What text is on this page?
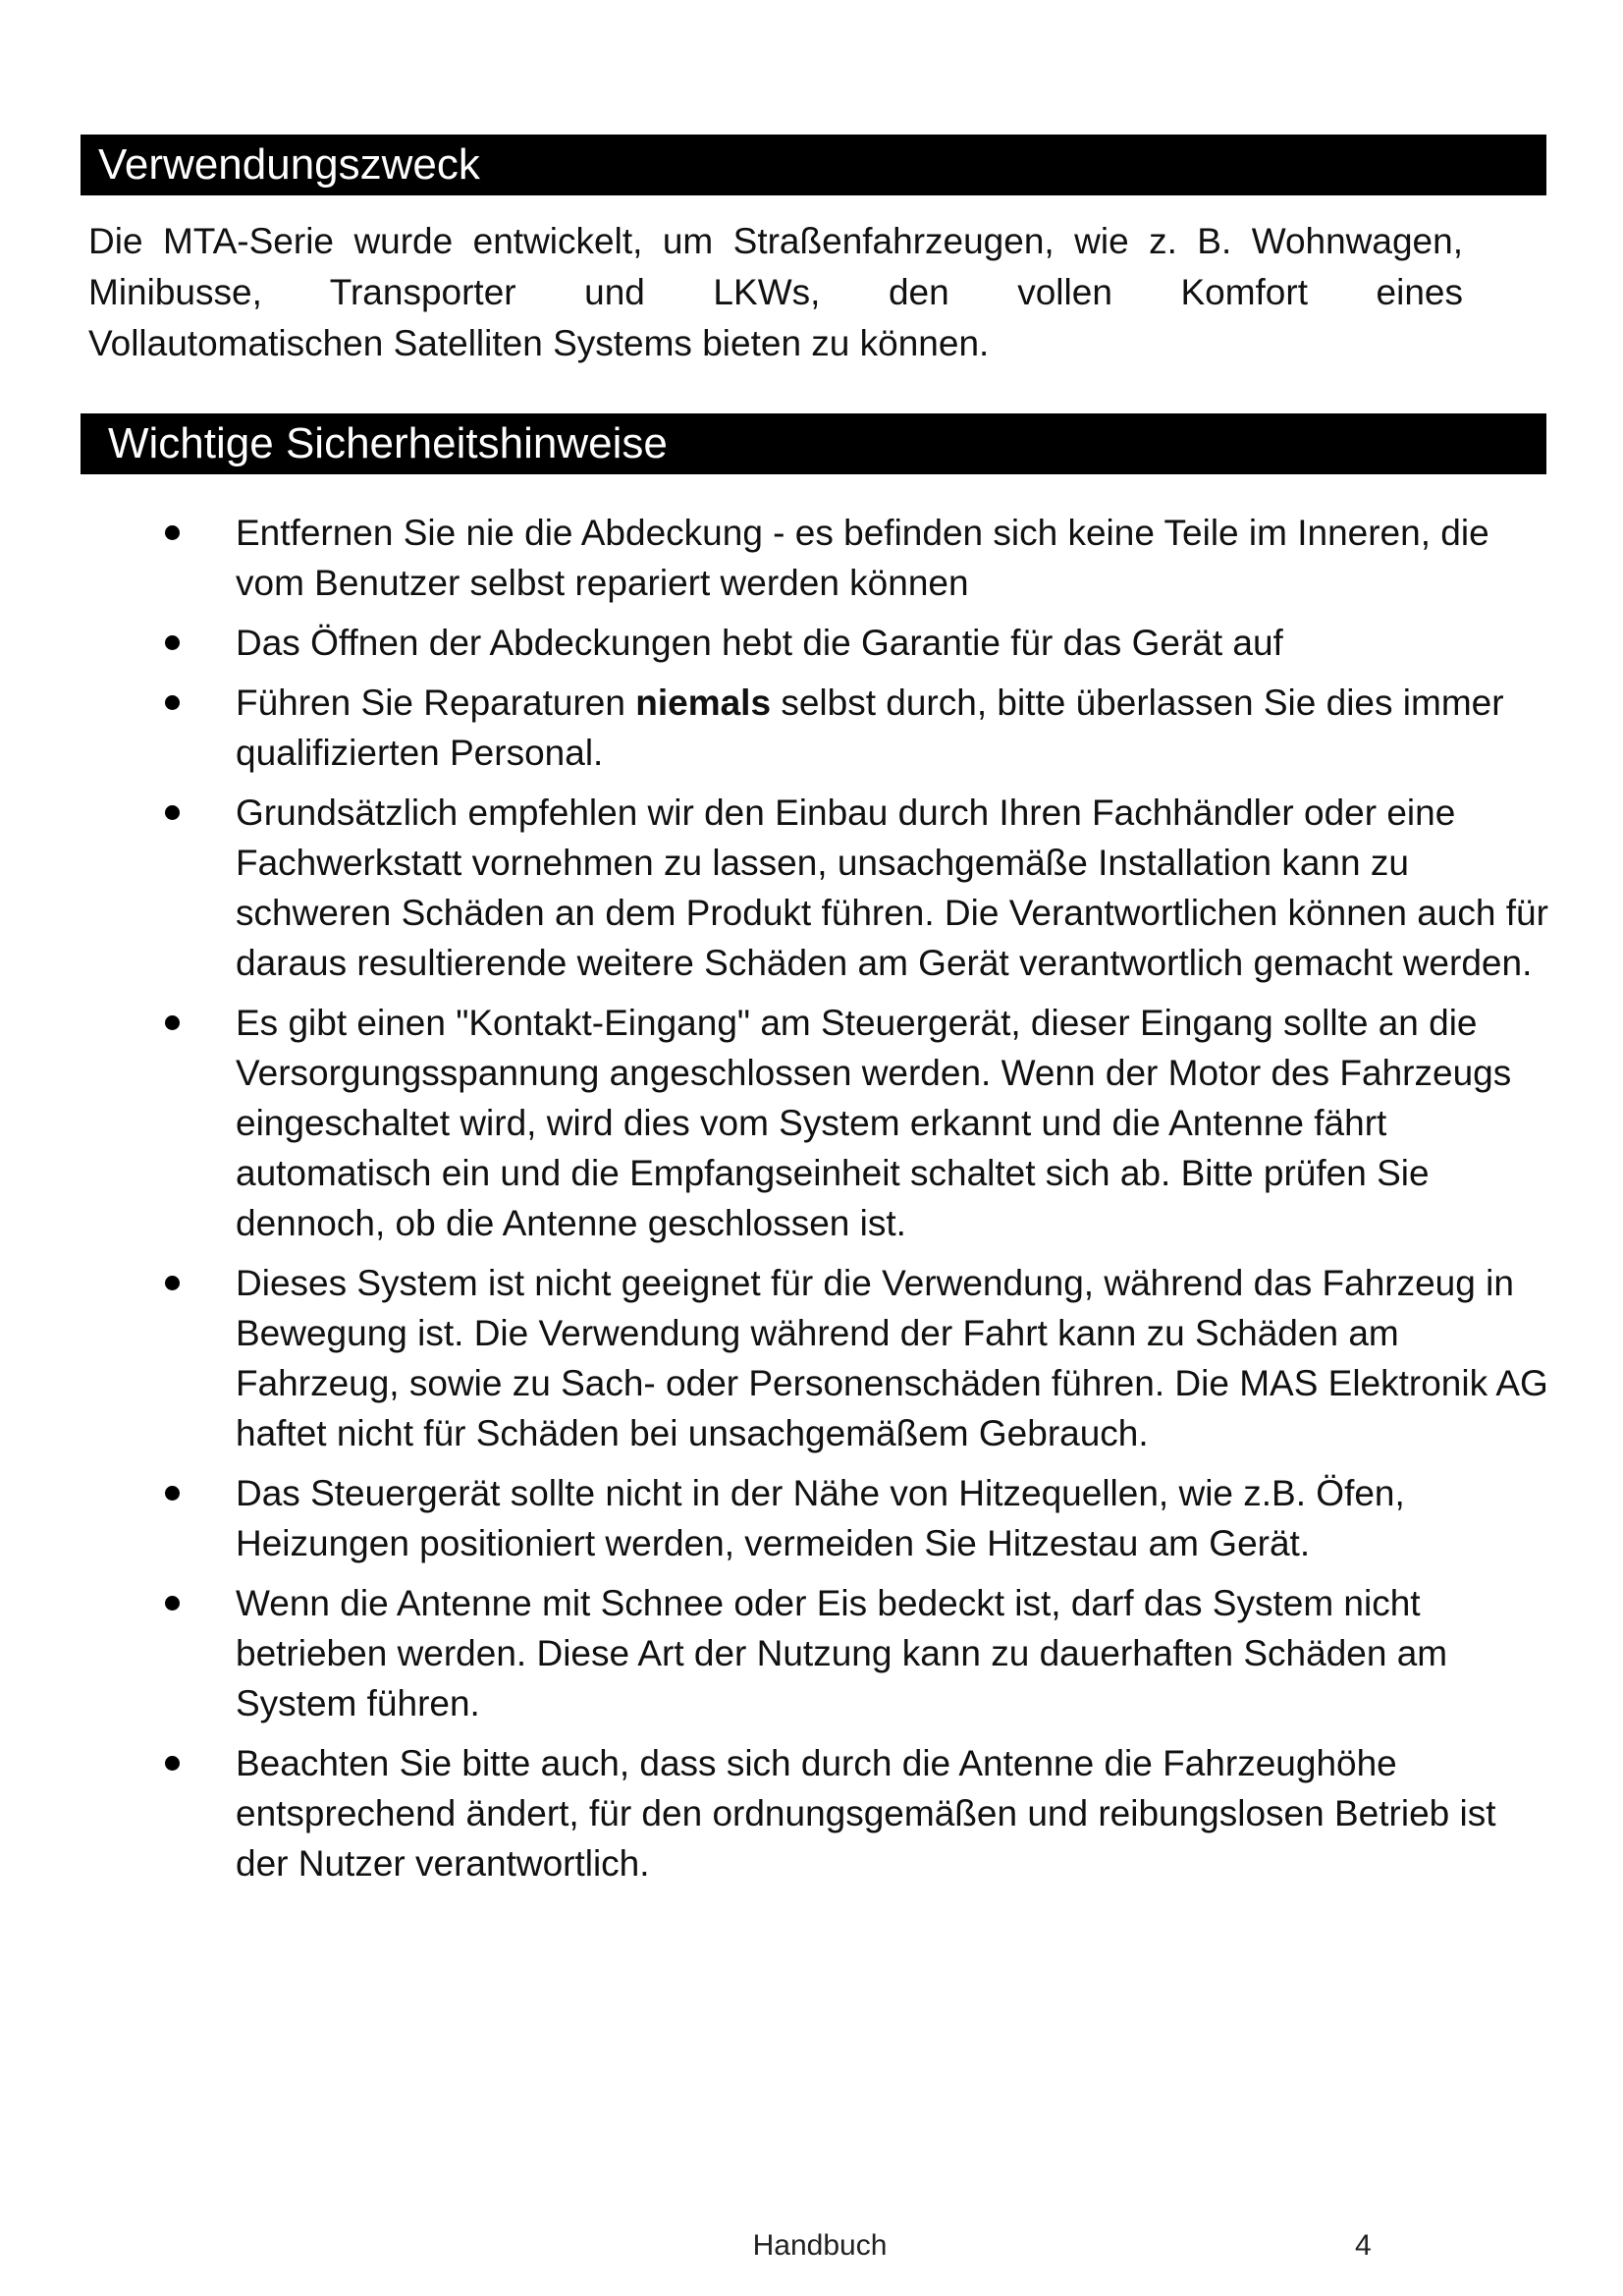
Verwendungszweck

Die MTA-Serie wurde entwickelt, um Straßenfahrzeugen, wie z. B. Wohnwagen,
Minibusse, Transporter und LKWs, den vollen Komfort eines
Vollautomatischen Satelliten Systems bieten zu können.

Wichtige Sicherheitshinweise
Entfernen Sie nie die Abdeckung - es befinden sich keine Teile im Inneren, die vom Benutzer selbst repariert werden können
Das Öffnen der Abdeckungen hebt die Garantie für das Gerät auf
Führen Sie Reparaturen niemals selbst durch, bitte überlassen Sie dies immer qualifizierten Personal.
Grundsätzlich empfehlen wir den Einbau durch Ihren Fachhändler oder eine Fachwerkstatt vornehmen zu lassen, unsachgemäße Installation kann zu schweren Schäden an dem Produkt führen. Die Verantwortlichen können auch für daraus resultierende weitere Schäden am Gerät verantwortlich gemacht werden.
Es gibt einen "Kontakt-Eingang" am Steuergerät, dieser Eingang sollte an die Versorgungsspannung angeschlossen werden. Wenn der Motor des Fahrzeugs eingeschaltet wird, wird dies vom System erkannt und die Antenne fährt automatisch ein und die Empfangseinheit schaltet sich ab. Bitte prüfen Sie dennoch, ob die Antenne geschlossen ist.
Dieses System ist nicht geeignet für die Verwendung, während das Fahrzeug in Bewegung ist. Die Verwendung während der Fahrt kann zu Schäden am Fahrzeug, sowie zu Sach- oder Personenschäden führen. Die MAS Elektronik AG haftet nicht für Schäden bei unsachgemäßem Gebrauch.
Das Steuergerät sollte nicht in der Nähe von Hitzequellen, wie z.B. Öfen, Heizungen positioniert werden, vermeiden Sie Hitzestau am Gerät.
Wenn die Antenne mit Schnee oder Eis bedeckt ist, darf das System nicht betrieben werden. Diese Art der Nutzung kann zu dauerhaften Schäden am System führen.
Beachten Sie bitte auch, dass sich durch die Antenne die Fahrzeughöhe entsprechend ändert, für den ordnungsgemäßen und reibungslosen Betrieb ist der Nutzer verantwortlich.
Handbuch	4
